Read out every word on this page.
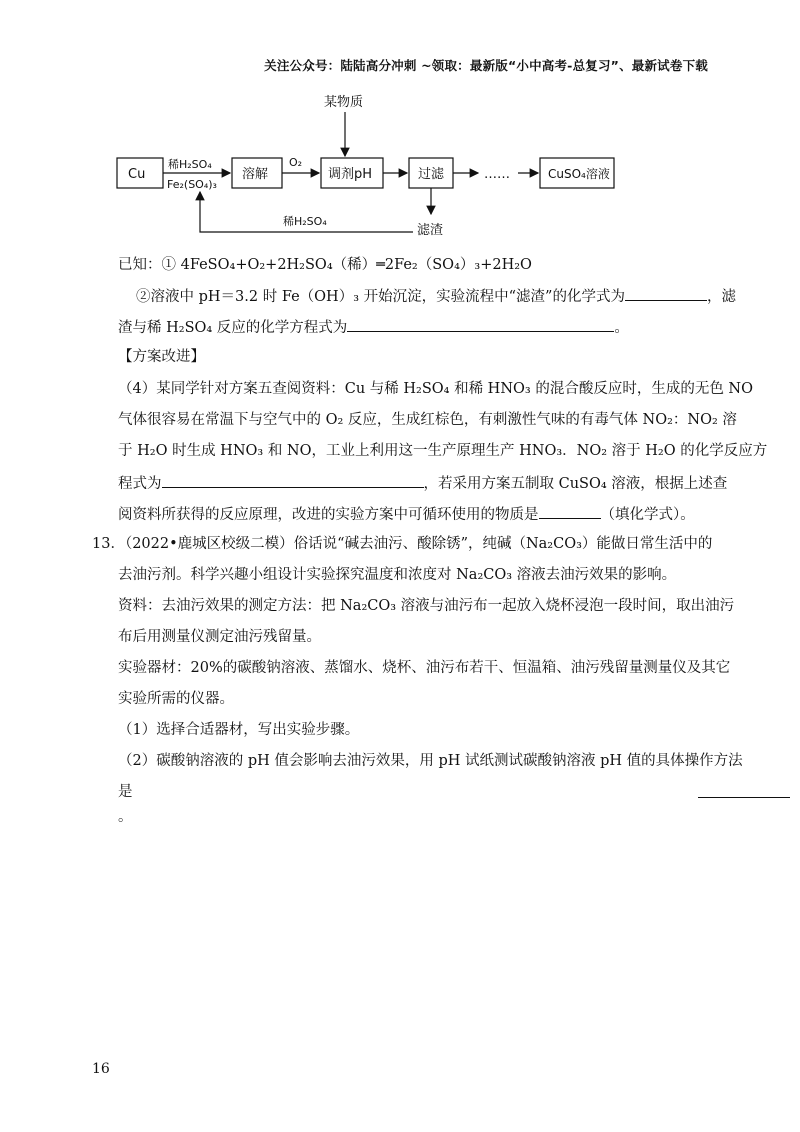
关注公众号：陆陆高分冲刺 ~领取：最新版“小中高考-总复习”、最新试卷下载
Cu
稀H₂SO₄
Fe₂(SO₄)₃
溶解
O₂
某物质
调剂pH	过滤	……	CuSO₄溶液
稀H₂SO₄
滤渣
已知：① 4FeSO₄+O₂+2H₂SO₄（稀）═2Fe₂（SO₄）₃+2H₂O
②溶液中 pH＝3.2 时 Fe（OH）₃ 开始沉淀，实验流程中“滤渣”的化学式为	，滤
渣与稀 H₂SO₄ 反应的化学方程式为	。
【方案改进】
（4）某同学针对方案五查阅资料：Cu 与稀 H₂SO₄ 和稀 HNO₃ 的混合酸反应时，生成的无色 NO
气体很容易在常温下与空气中的 O₂ 反应，生成红棕色，有刺激性气味的有毒气体 NO₂：NO₂ 溶
于 H₂O 时生成 HNO₃ 和 NO，工业上利用这一生产原理生产 HNO₃．NO₂ 溶于 H₂O 的化学反应方
程式为	，若采用方案五制取 CuSO₄ 溶液，根据上述查
阅资料所获得的反应原理，改进的实验方案中可循环使用的物质是	（填化学式）。
13．（2022•鹿城区校级二模）俗话说“碱去油污、酸除锈”，纯碱（Na₂CO₃）能做日常生活中的
去油污剂。科学兴趣小组设计实验探究温度和浓度对 Na₂CO₃ 溶液去油污效果的影响。
资料：去油污效果的测定方法：把 Na₂CO₃ 溶液与油污布一起放入烧杯浸泡一段时间，取出油污
布后用测量仪测定油污残留量。
实验器材：20%的碳酸钠溶液、蒸馏水、烧杯、油污布若干、恒温箱、油污残留量测量仪及其它
实验所需的仪器。
（1）选择合适器材，写出实验步骤。
（2）碳酸钠溶液的 pH 值会影响去油污效果，用 pH 试纸测试碳酸钠溶液 pH 值的具体操作方法
是
。
16
